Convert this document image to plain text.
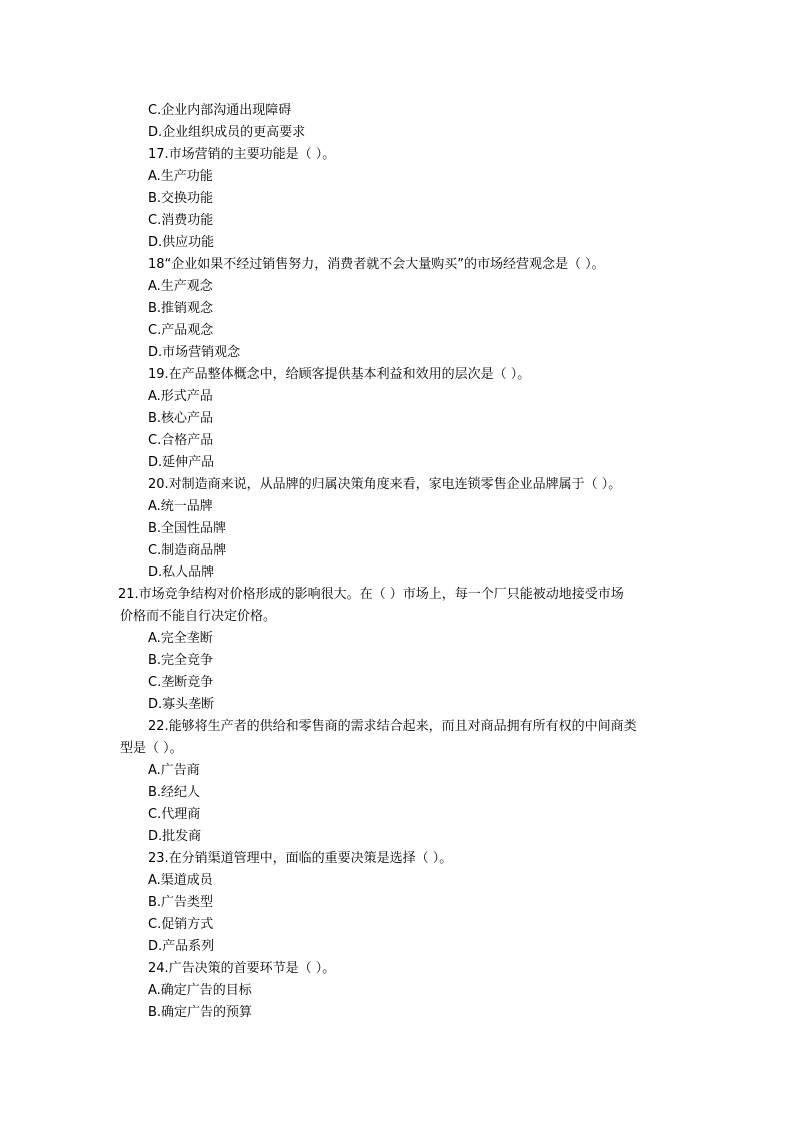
C.企业内部沟通出现障碍
D.企业组织成员的更高要求
17.市场营销的主要功能是（ ）。
A.生产功能
B.交换功能
C.消费功能
D.供应功能
18“企业如果不经过销售努力，消费者就不会大量购买”的市场经营观念是（ ）。
A.生产观念
B.推销观念
C.产品观念
D.市场营销观念
19.在产品整体概念中，给顾客提供基本利益和效用的层次是（ ）。
A.形式产品
B.核心产品
C.合格产品
D.延伸产品
20.对制造商来说，从品牌的归属决策角度来看，家电连锁零售企业品牌属于（ ）。
A.统一品牌
B.全国性品牌
C.制造商品牌
D.私人品牌
21.市场竞争结构对价格形成的影响很大。在（ ）市场上，每一个厂只能被动地接受市场
价格而不能自行决定价格。
A.完全垄断
B.完全竞争
C.垄断竞争
D.寡头垄断
22.能够将生产者的供给和零售商的需求结合起来，而且对商品拥有所有权的中间商类
型是（ ）。
A.广告商
B.经纪人
C.代理商
D.批发商
23.在分销渠道管理中，面临的重要决策是选择（ ）。
A.渠道成员
B.广告类型
C.促销方式
D.产品系列
24.广告决策的首要环节是（ ）。
A.确定广告的目标
B.确定广告的预算
